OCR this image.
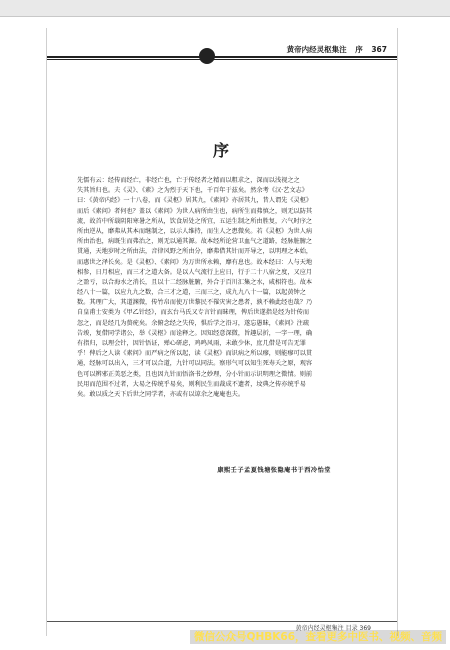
黄帝内经灵枢集注 序 367
序
先儒有云：经传而经亡，非经亡也，亡于传经者之精而以粗求之，深而以浅视之之
失其旨归也。夫《灵》、《素》之为烈于天下也，千百年于兹矣。然余考《汉·艺文志》
曰：《黄帝内经》一十八卷，而《灵枢》居其九，《素问》亦居其九，昔人谓先《灵枢》
而后《素问》者何也？盖以《素问》为世人病所由生也，病所生而弗慎之，则无以防其
流，故首中所载阴阳寒暑之所从，饮食居处之所宜，五运生制之所由胜复，六气时序之
所由逆从，靡弗从其本而继制之，以示人维持，而生人之患微矣。若《灵枢》为世人病
所由治也，病既生而弗治之，则无以通其源。故本经所论营卫血气之道路，经脉脏腑之
贯通，天地岁时之所由法，音律风野之所由分，靡弗借其针而开导之，以明理之本始，
而惠世之泽长矣。是《灵枢》、《素问》为万世所永赖，靡有息也。故本经曰：人与天地
相参，日月相应，而三才之道大备。是以人气流行上应日，行于二十八宿之度，又应月
之盈亏，以合海水之消长，且以十二经脉脏腑，外合于百川汇集之水，咸相符也。故本
经八十一篇，以应九九之数，合三才之道，三而三之，成九九八十一篇，以起黄钟之
数。其理广大，其道渊微，传竹帛而使万世黎民不罹灾害之患者，孰不赖此经也哉？乃
自皇甫士安类为《甲乙针经》，而玄台马氏又专言针而昧理，俾后世遂指是经为针传而
忽之，而是经几为赘疣矣。余俯念经之失传，惧后学之沿习，遂忘愚昧，《素问》注疏
告竣，复借同学诸公，举《灵枢》而诠释之。因知经意深微，旨趣层折，一字一理，确
有指归，以理会针，因针悟证，殚心研虑，鸡鸣风雨，未敢少休，庶几借是可告无罪
乎！俾后之人读《素问》而严病之所以起，读《灵枢》而识病之所以瘳，则能瘳可以贯
通，经脉可以出入，三才可以合道，九针可以同法。察形气可以知生死寿夭之原，观容
色可以辨邪正美恶之类，且也因九针而悟洛书之妙理，分小针而示识明理之微情。则前
民用而范围不过者，大易之传统乎易矣，则利民生而裁成不遗者，坟典之传亦统乎易
矣。敢以质之天下后世之同学者，亦或有以谅余之庵庵也夫。
康熙壬子孟夏钱塘张隐庵书于西冷怡堂
黄帝内经灵枢集注 目录 369
微信公众号QHBK66，查看更多中医书、视频、音频
